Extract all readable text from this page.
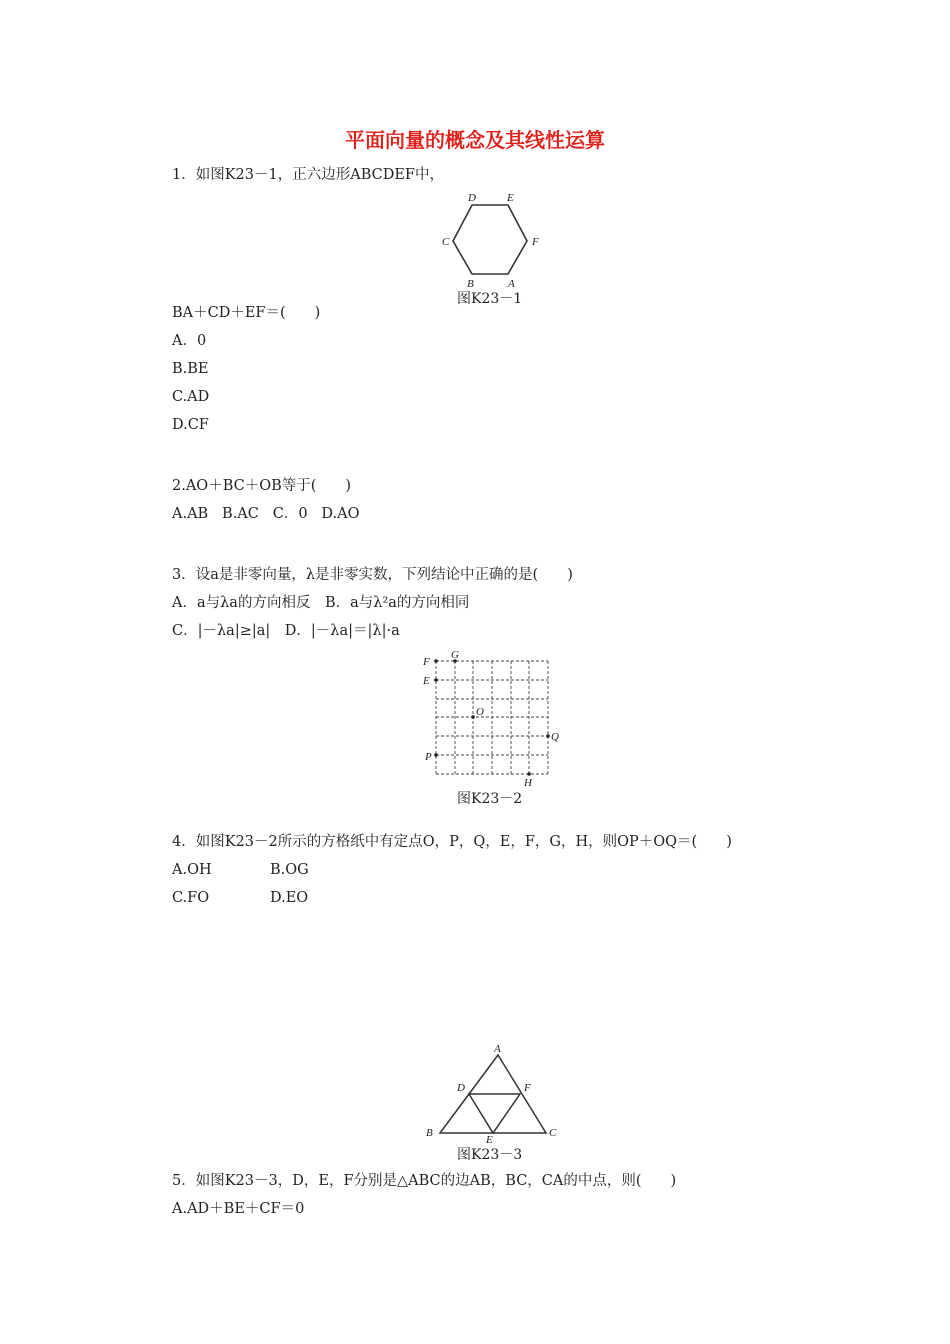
平面向量的概念及其线性运算
1．如图K23－1，正六边形ABCDEF中，
D	E
C	F
B	A
图K23－1
BA＋CD＋EF＝(　　)
A．0
B.BE
C.AD
D.CF
2.AO＋BC＋OB等于(　　)
A.AB B.AC C．0 D.AO
3．设a是非零向量，λ是非零实数，下列结论中正确的是(　　)
A．a与λa的方向相反　B．a与λ²a的方向相同
C．|－λa|≥|a|　D．|－λa|＝|λ|·a
F
G
E
O
Q
P
H
图K23－2
4．如图K23－2所示的方格纸中有定点O，P，Q，E，F，G，H，则OP＋OQ＝(　　)
A.OH	B.OG
C.FO	D.EO
A
D	F
B
E
C
图K23－3
5．如图K23－3，D，E，F分别是△ABC的边AB，BC，CA的中点，则(　　)
A.AD＋BE＋CF＝0
